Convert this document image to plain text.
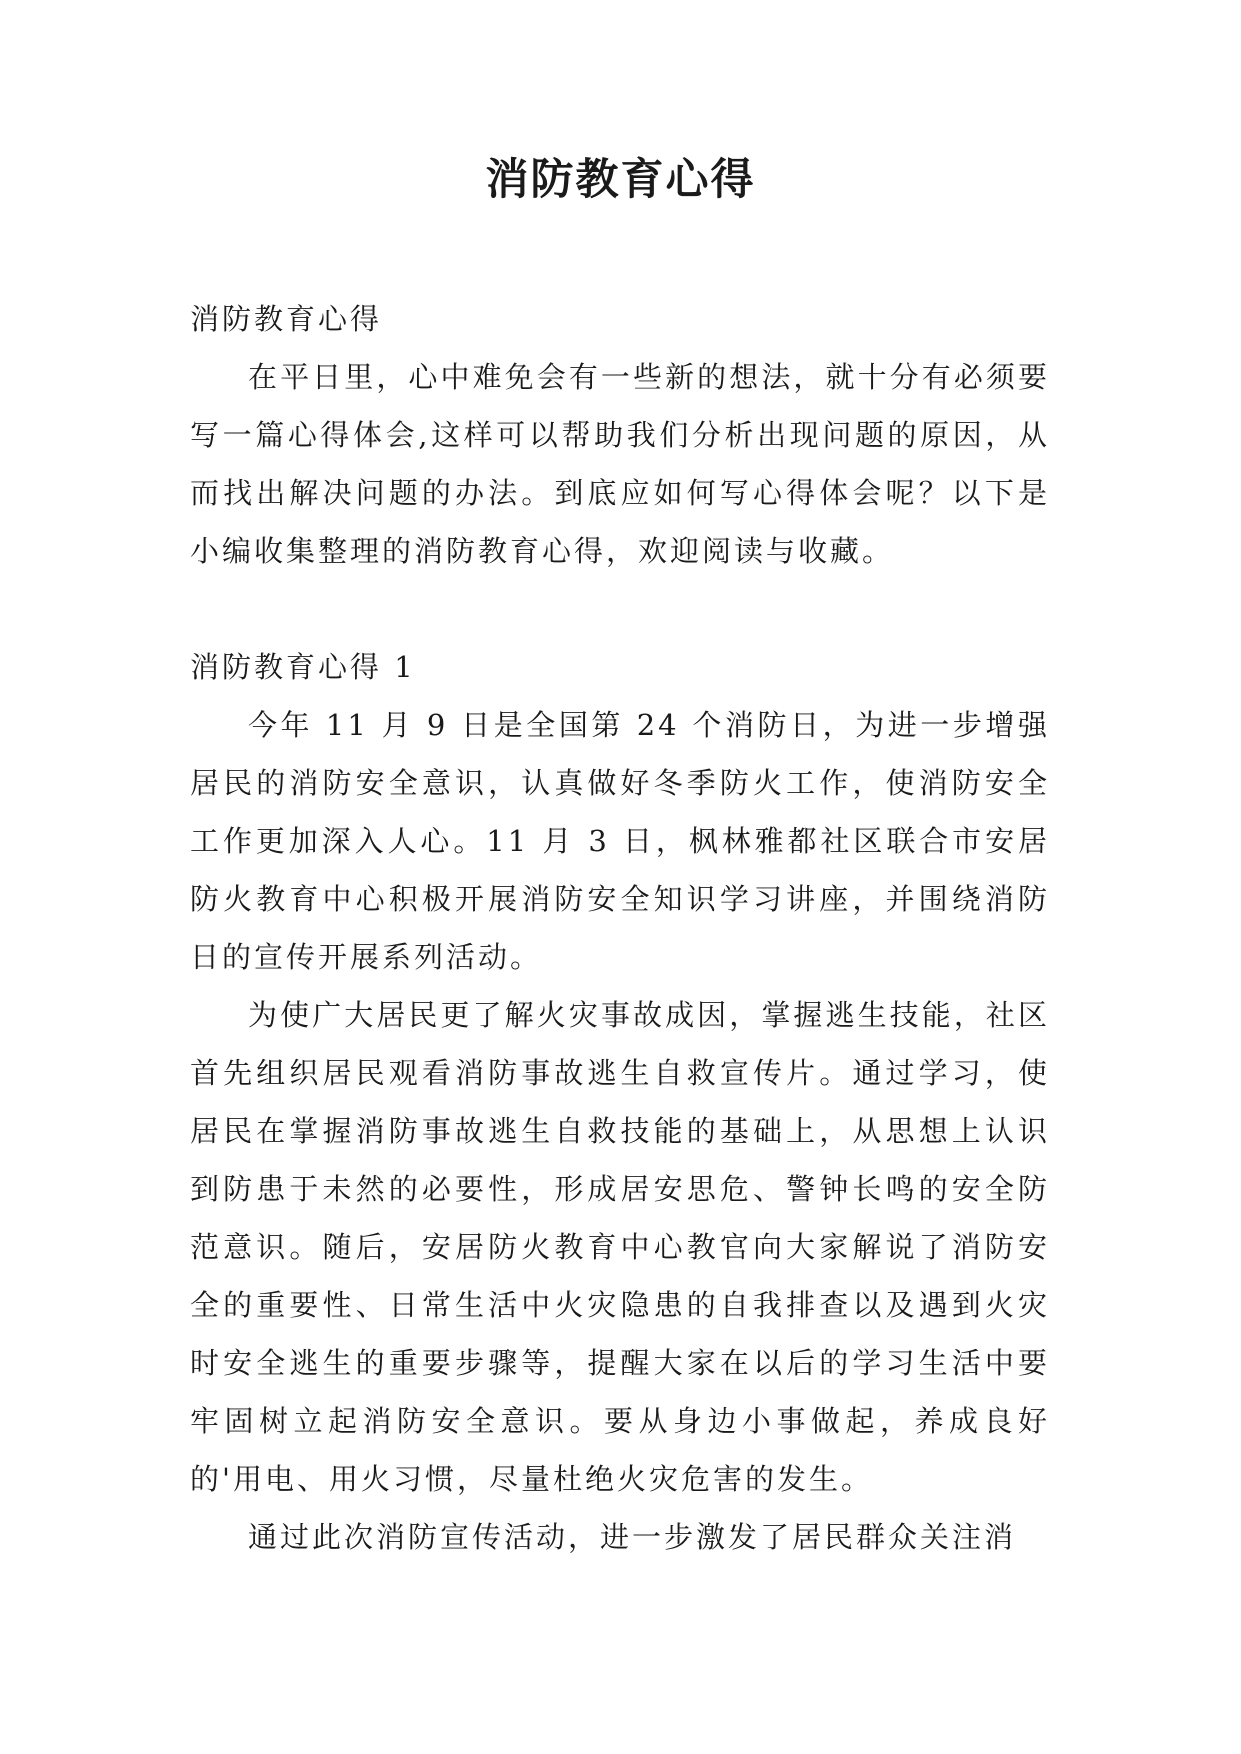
消防教育心得

消防教育心得

在平日里，心中难免会有一些新的想法，就十分有必须要写一篇心得体会,这样可以帮助我们分析出现问题的原因，从而找出解决问题的办法。到底应如何写心得体会呢？以下是小编收集整理的消防教育心得，欢迎阅读与收藏。

消防教育心得 1

今年 11 月 9 日是全国第 24 个消防日，为进一步增强居民的消防安全意识，认真做好冬季防火工作，使消防安全工作更加深入人心。11 月 3 日，枫林雅都社区联合市安居防火教育中心积极开展消防安全知识学习讲座，并围绕消防日的宣传开展系列活动。

为使广大居民更了解火灾事故成因，掌握逃生技能，社区首先组织居民观看消防事故逃生自救宣传片。通过学习，使居民在掌握消防事故逃生自救技能的基础上，从思想上认识到防患于未然的必要性，形成居安思危、警钟长鸣的安全防范意识。随后，安居防火教育中心教官向大家解说了消防安全的重要性、日常生活中火灾隐患的自我排查以及遇到火灾时安全逃生的重要步骤等，提醒大家在以后的学习生活中要牢固树立起消防安全意识。要从身边小事做起，养成良好的'用电、用火习惯，尽量杜绝火灾危害的发生。

通过此次消防宣传活动，进一步激发了居民群众关注消
